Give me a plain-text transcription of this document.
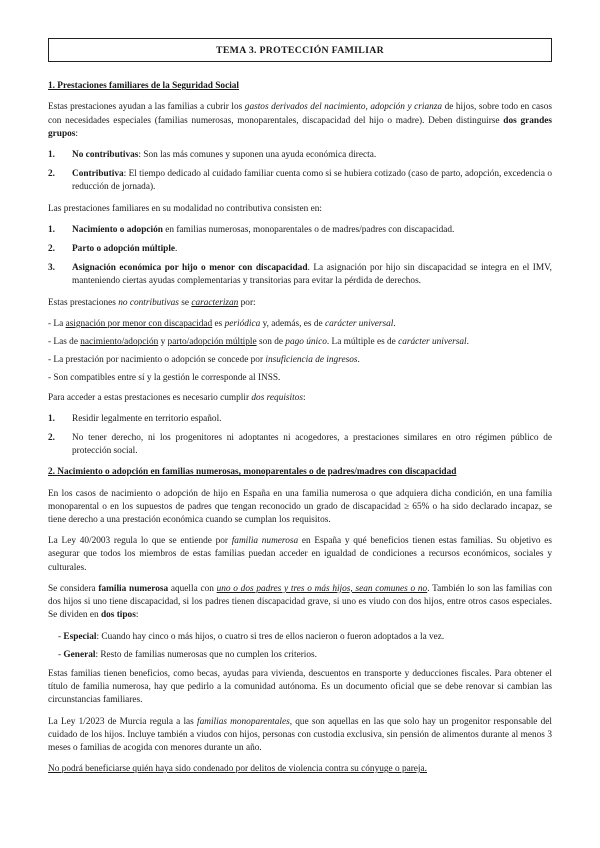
TEMA 3. PROTECCIÓN FAMILIAR
1. Prestaciones familiares de la Seguridad Social

Estas prestaciones ayudan a las familias a cubrir los gastos derivados del nacimiento, adopción y crianza de hijos, sobre todo en casos con necesidades especiales (familias numerosas, monoparentales, discapacidad del hijo o madre). Deben distinguirse dos grandes grupos:

1.	No contributivas: Son las más comunes y suponen una ayuda económica directa.
2.	Contributiva: El tiempo dedicado al cuidado familiar cuenta como si se hubiera cotizado (caso de parto, adopción, excedencia o reducción de jornada).

Las prestaciones familiares en su modalidad no contributiva consisten en:

1.	Nacimiento o adopción en familias numerosas, monoparentales o de madres/padres con discapacidad.
2.	Parto o adopción múltiple.
3.	Asignación económica por hijo o menor con discapacidad. La asignación por hijo sin discapacidad se integra en el IMV, manteniendo ciertas ayudas complementarias y transitorias para evitar la pérdida de derechos.

Estas prestaciones no contributivas se caracterizan por:

- La asignación por menor con discapacidad es periódica y, además, es de carácter universal.
- Las de nacimiento/adopción y parto/adopción múltiple son de pago único. La múltiple es de carácter universal.
- La prestación por nacimiento o adopción se concede por insuficiencia de ingresos.
- Son compatibles entre sí y la gestión le corresponde al INSS.

Para acceder a estas prestaciones es necesario cumplir dos requisitos:

1.	Residir legalmente en territorio español.
2.	No tener derecho, ni los progenitores ni adoptantes ni acogedores, a prestaciones similares en otro régimen público de protección social.
2. Nacimiento o adopción en familias numerosas, monoparentales o de padres/madres con discapacidad

En los casos de nacimiento o adopción de hijo en España en una familia numerosa o que adquiera dicha condición, en una familia monoparental o en los supuestos de padres que tengan reconocido un grado de discapacidad ≥ 65% o ha sido declarado incapaz, se tiene derecho a una prestación económica cuando se cumplan los requisitos.

La Ley 40/2003 regula lo que se entiende por familia numerosa en España y qué beneficios tienen estas familias. Su objetivo es asegurar que todos los miembros de estas familias puedan acceder en igualdad de condiciones a recursos económicos, sociales y culturales.

Se considera familia numerosa aquella con uno o dos padres y tres o más hijos, sean comunes o no. También lo son las familias con dos hijos si uno tiene discapacidad, si los padres tienen discapacidad grave, si uno es viudo con dos hijos, entre otros casos especiales. Se dividen en dos tipos:

- Especial: Cuando hay cinco o más hijos, o cuatro si tres de ellos nacieron o fueron adoptados a la vez.
- General: Resto de familias numerosas que no cumplen los criterios.

Estas familias tienen beneficios, como becas, ayudas para vivienda, descuentos en transporte y deducciones fiscales. Para obtener el título de familia numerosa, hay que pedirlo a la comunidad autónoma. Es un documento oficial que se debe renovar si cambian las circunstancias familiares.

La Ley 1/2023 de Murcia regula a las familias monoparentales, que son aquellas en las que solo hay un progenitor responsable del cuidado de los hijos. Incluye también a viudos con hijos, personas con custodia exclusiva, sin pensión de alimentos durante al menos 3 meses o familias de acogida con menores durante un año.

No podrá beneficiarse quién haya sido condenado por delitos de violencia contra su cónyuge o pareja.
